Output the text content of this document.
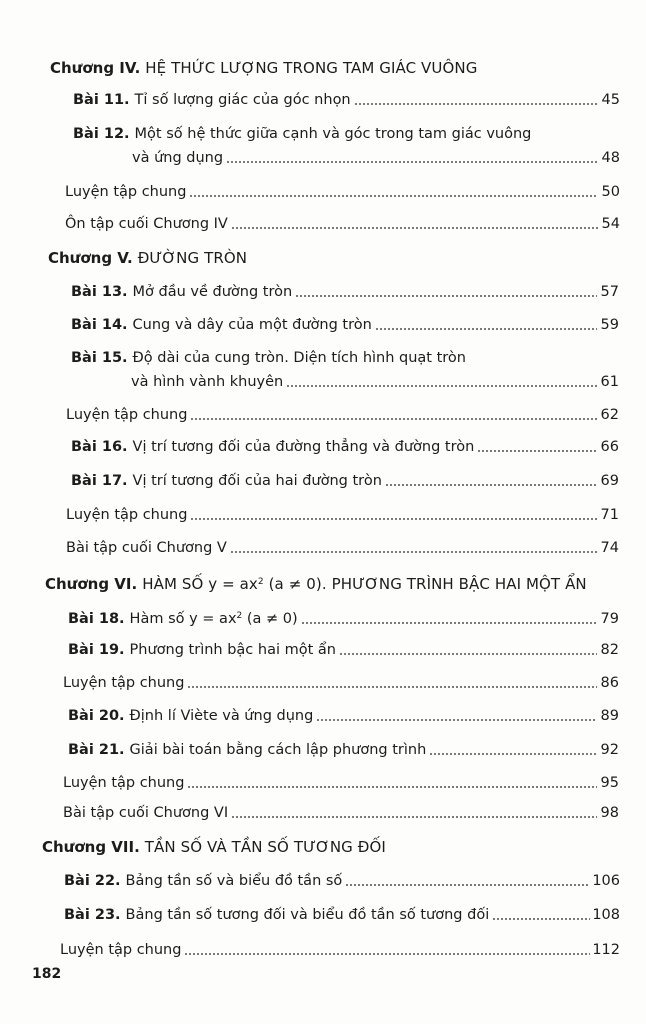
Chương IV. HỆ THỨC LƯỢNG TRONG TAM GIÁC VUÔNG
Bài 11. Tỉ số lượng giác của góc nhọn	45
Bài 12. Một số hệ thức giữa cạnh và góc trong tam giác vuông
và ứng dụng	48
Luyện tập chung	50
Ôn tập cuối Chương IV	54
Chương V. ĐƯỜNG TRÒN
Bài 13. Mở đầu về đường tròn	57
Bài 14. Cung và dây của một đường tròn	59
Bài 15. Độ dài của cung tròn. Diện tích hình quạt tròn
và hình vành khuyên	61
Luyện tập chung	62
Bài 16. Vị trí tương đối của đường thẳng và đường tròn	66
Bài 17. Vị trí tương đối của hai đường tròn	69
Luyện tập chung	71
Bài tập cuối Chương V	74
Chương VI. HÀM SỐ $y = ax^2$ (a ≠ 0). PHƯƠNG TRÌNH BẬC HAI MỘT ẨN
Bài 18. Hàm số $y = ax^2$ (a ≠ 0)	79
Bài 19. Phương trình bậc hai một ẩn	82
Luyện tập chung	86
Bài 20. Định lí Viète và ứng dụng	89
Bài 21. Giải bài toán bằng cách lập phương trình	92
Luyện tập chung	95
Bài tập cuối Chương VI	98
Chương VII. TẦN SỐ VÀ TẦN SỐ TƯƠNG ĐỐI
Bài 22. Bảng tần số và biểu đồ tần số	106
Bài 23. Bảng tần số tương đối và biểu đồ tần số tương đối	108
Luyện tập chung	112
182
